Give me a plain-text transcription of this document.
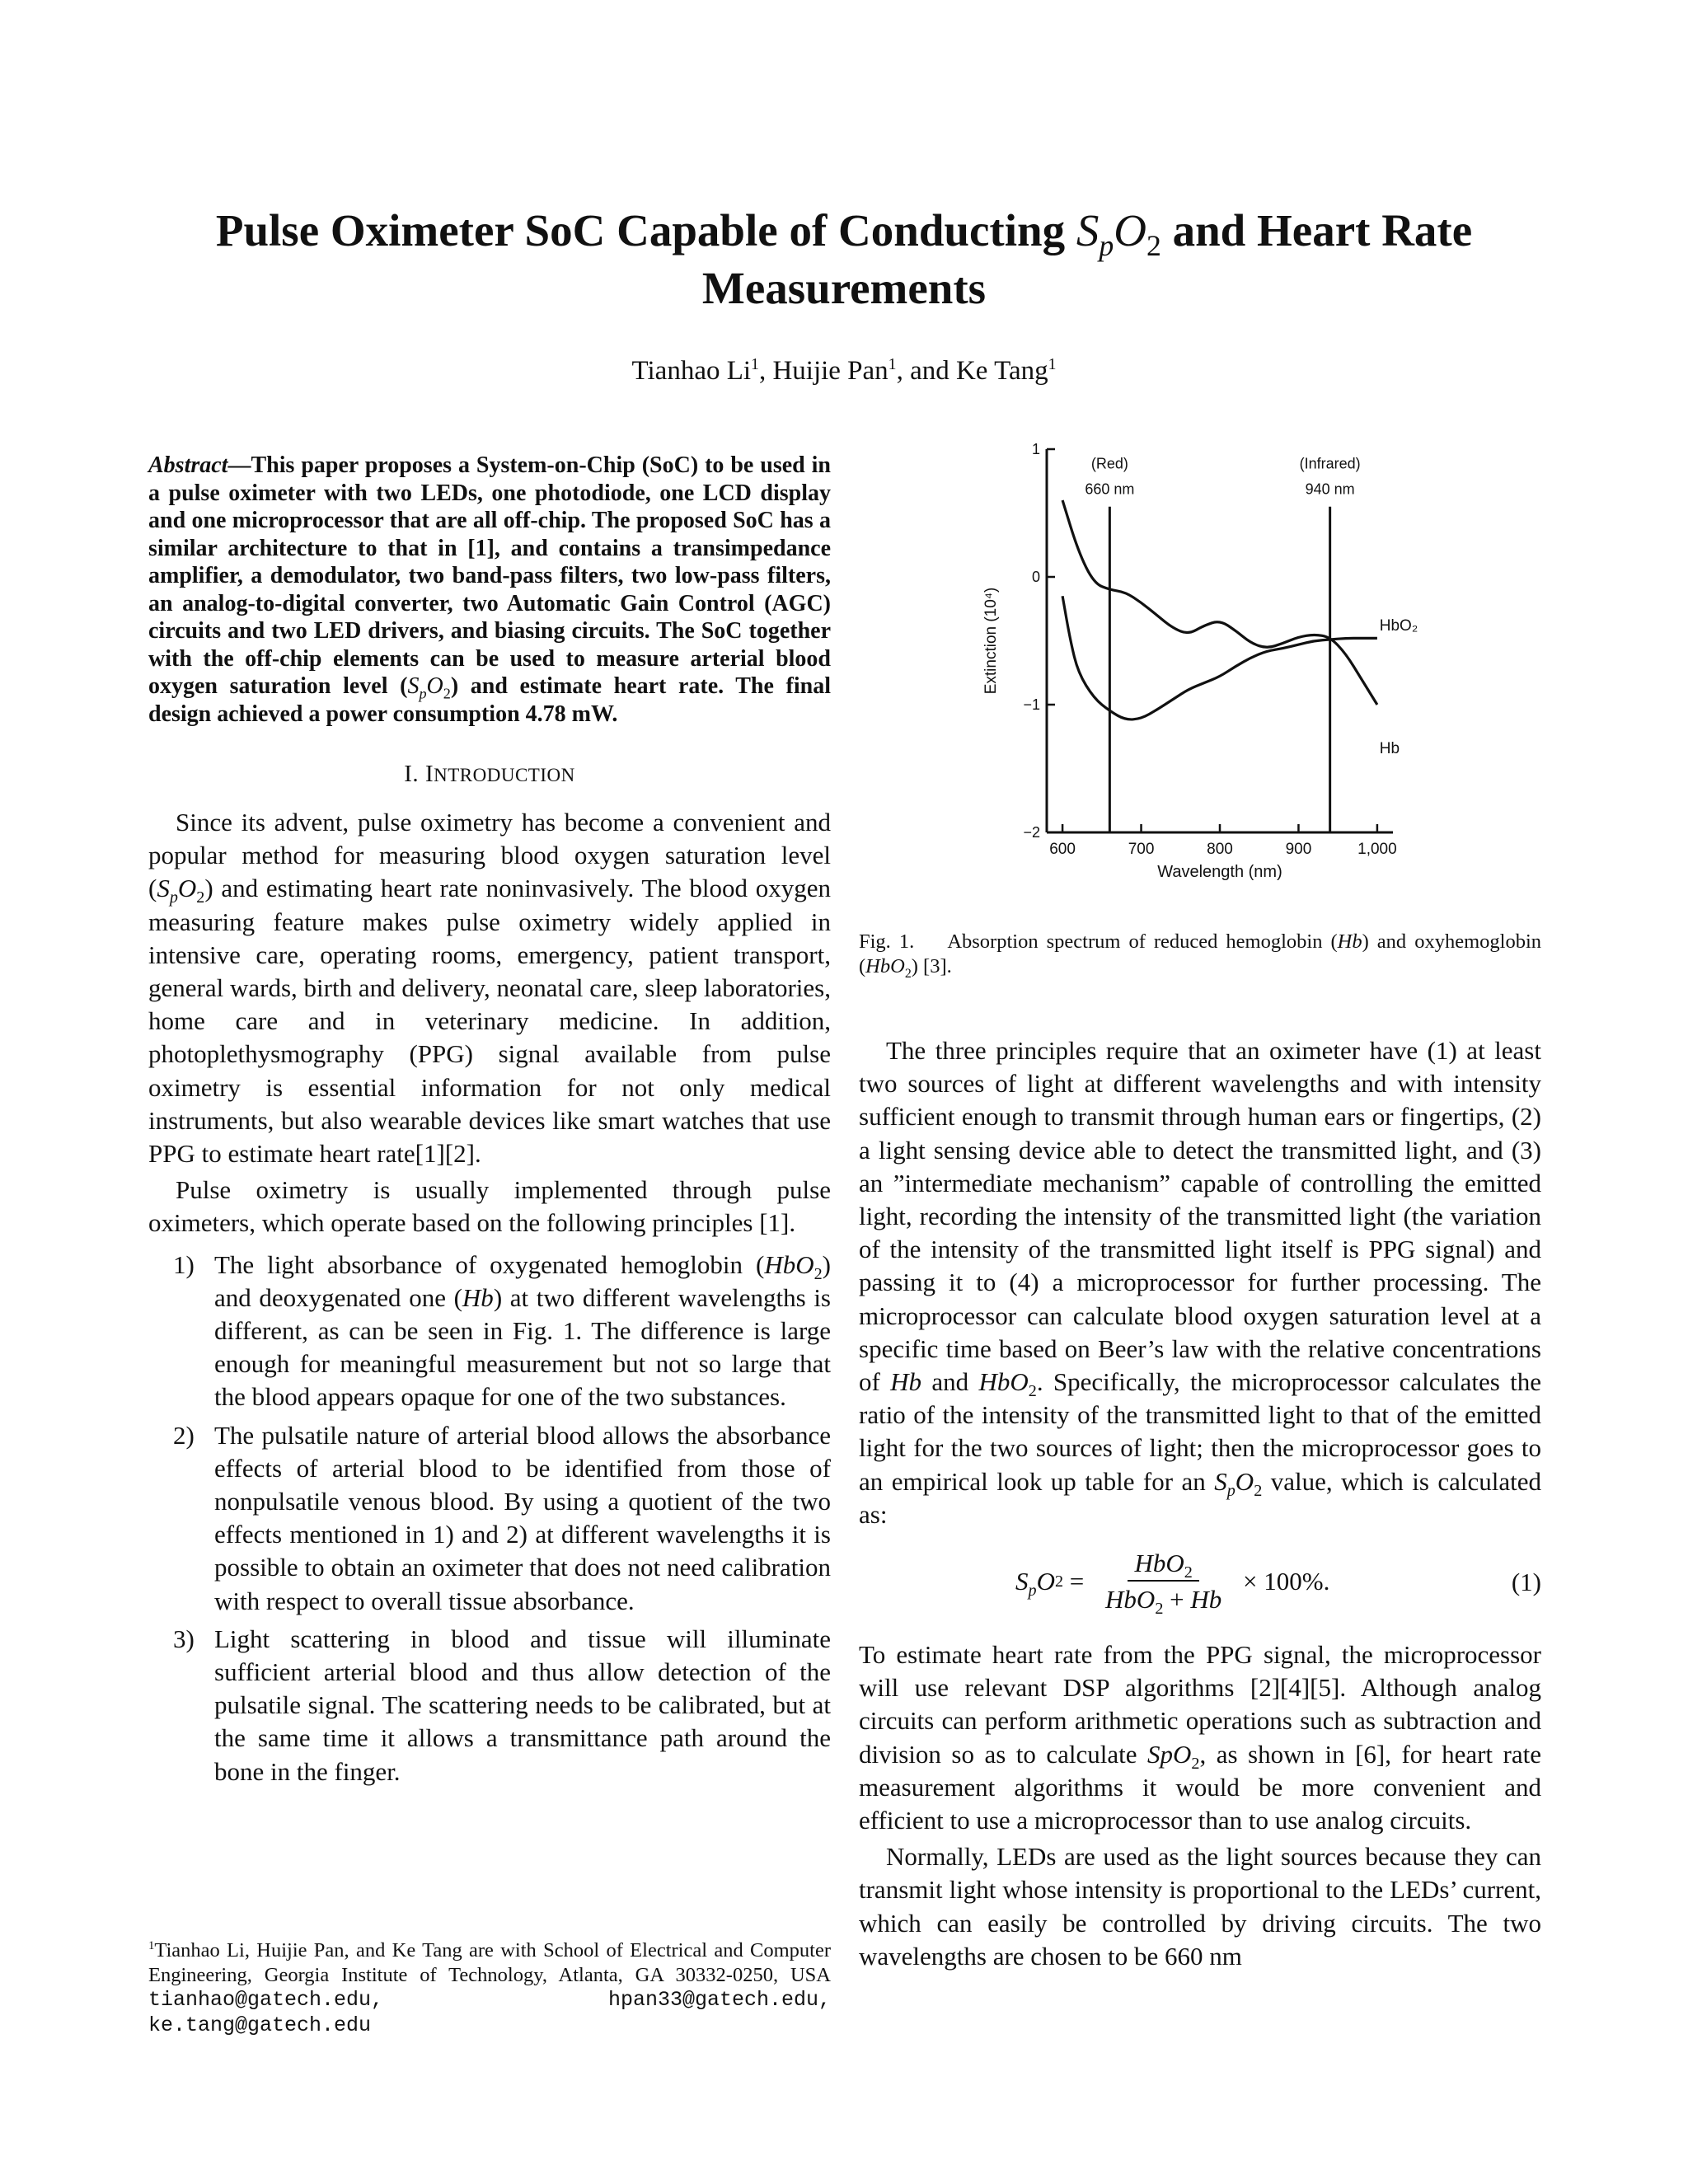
Pulse Oximeter SoC Capable of Conducting $S_pO_2$ and Heart Rate
Measurements
Tianhao Li$^1$, Huijie Pan$^1$, and Ke Tang$^1$
Abstract—This paper proposes a System-on-Chip (SoC) to be used in a pulse oximeter with two LEDs, one photodiode, one LCD display and one microprocessor that are all off-chip. The proposed SoC has a similar architecture to that in [1], and contains a transimpedance amplifier, a demodulator, two band-pass filters, two low-pass filters, an analog-to-digital converter, two Automatic Gain Control (AGC) circuits and two LED drivers, and biasing circuits. The SoC together with the off-chip elements can be used to measure arterial blood oxygen saturation level $(S_pO_2)$ and estimate heart rate. The final design achieved a power consumption 4.78 mW.
I. INTRODUCTION

Since its advent, pulse oximetry has become a convenient and popular method for measuring blood oxygen saturation level $(S_pO_2)$ and estimating heart rate noninvasively. The blood oxygen measuring feature makes pulse oximetry widely applied in intensive care, operating rooms, emergency, patient transport, general wards, birth and delivery, neonatal care, sleep laboratories, home care and in veterinary medicine. In addition, photoplethysmography (PPG) signal available from pulse oximetry is essential information for not only medical instruments, but also wearable devices like smart watches that use PPG to estimate heart rate[1][2].

Pulse oximetry is usually implemented through pulse oximeters, which operate based on the following principles [1].

1) The light absorbance of oxygenated hemoglobin (HbO$_2$) and deoxygenated one (Hb) at two different wavelengths is different, as can be seen in Fig. 1. The difference is large enough for meaningful measurement but not so large that the blood appears opaque for one of the two substances.
2) The pulsatile nature of arterial blood allows the absorbance effects of arterial blood to be identified from those of nonpulsatile venous blood. By using a quotient of the two effects mentioned in 1) and 2) at different wavelengths it is possible to obtain an oximeter that does not need calibration with respect to overall tissue absorbance.
3) Light scattering in blood and tissue will illuminate sufficient arterial blood and thus allow detection of the pulsatile signal. The scattering needs to be calibrated, but at the same time it allows a transmittance path around the bone in the finger.
$^1$Tianhao Li, Huijie Pan, and Ke Tang are with School of Electrical and Computer Engineering, Georgia Institute of Technology, Atlanta, GA 30332-0250, USA tianhao@gatech.edu, hpan33@gatech.edu, ke.tang@gatech.edu
1
0
−1
−2
600	700	800	900	1,000
Wavelength (nm)
Extinction (10⁴)
(Red)
660 nm
(Infrared)
940 nm
HbO₂
Hb
Fig. 1. Absorption spectrum of reduced hemoglobin (Hb) and oxyhemoglobin (HbO$_2$) [3].

The three principles require that an oximeter have (1) at least two sources of light at different wavelengths and with intensity sufficient enough to transmit through human ears or fingertips, (2) a light sensing device able to detect the transmitted light, and (3) an ”intermediate mechanism” capable of controlling the emitted light, recording the intensity of the transmitted light (the variation of the intensity of the transmitted light itself is PPG signal) and passing it to (4) a microprocessor for further processing. The microprocessor can calculate blood oxygen saturation level at a specific time based on Beer’s law with the relative concentrations of Hb and HbO$_2$. Specifically, the microprocessor calculates the ratio of the intensity of the transmitted light to that of the emitted light for the two sources of light; then the microprocessor goes to an empirical look up table for an $S_pO_2$ value, which is calculated as:

$S_pO$ $2 = \frac{HbO_2}{HbO_2 + Hb} \times 100\%$.	(1)

To estimate heart rate from the PPG signal, the microprocessor will use relevant DSP algorithms [2][4][5]. Although analog circuits can perform arithmetic operations such as subtraction and division so as to calculate SpO$_2$, as shown in [6], for heart rate measurement algorithms it would be more convenient and efficient to use a microprocessor than to use analog circuits.

Normally, LEDs are used as the light sources because they can transmit light whose intensity is proportional to the LEDs’ current, which can easily be controlled by driving circuits. The two wavelengths are chosen to be 660 nm
